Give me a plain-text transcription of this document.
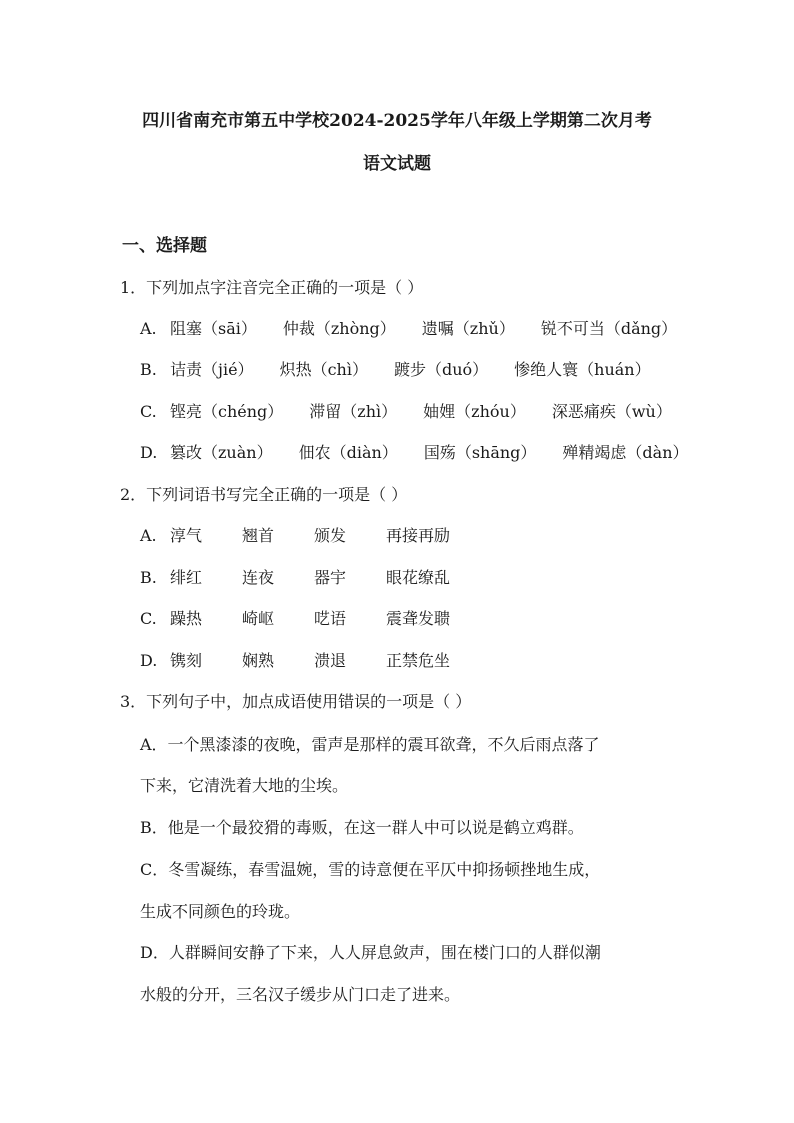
四川省南充市第五中学校2024-2025学年八年级上学期第二次月考
语文试题
一、选择题
1．下列加点字注音完全正确的一项是（ ）
A. 阻塞（sāi） 仲裁（zhòng） 遗嘱（zhǔ） 锐不可当（dǎng）
B. 诘责（jié） 炽热（chì） 踱步（duó） 惨绝人寰（huán）
C. 铿亮（chéng） 滞留（zhì） 妯娌（zhóu） 深恶痛疾（wù）
D. 篡改（zuàn） 佃农（diàn） 国殇（shāng） 殚精竭虑（dàn）
2．下列词语书写完全正确的一项是（ ）
A. 淳气 翘首 颁发 再接再励
B. 绯红 连夜 器宇 眼花缭乱
C. 躁热 崎岖 呓语 震聋发聩
D. 镌刻 娴熟 溃退 正禁危坐
3．下列句子中，加点成语使用错误的一项是（ ）
A．一个黑漆漆的夜晚，雷声是那样的震耳欲聋，不久后雨点落了
下来，它清洗着大地的尘埃。
B．他是一个最狡猾的毒贩，在这一群人中可以说是鹤立鸡群。
C．冬雪凝练，春雪温婉，雪的诗意便在平仄中抑扬顿挫地生成，
生成不同颜色的玲珑。
D．人群瞬间安静了下来，人人屏息敛声，围在楼门口的人群似潮
水般的分开，三名汉子缓步从门口走了进来。
